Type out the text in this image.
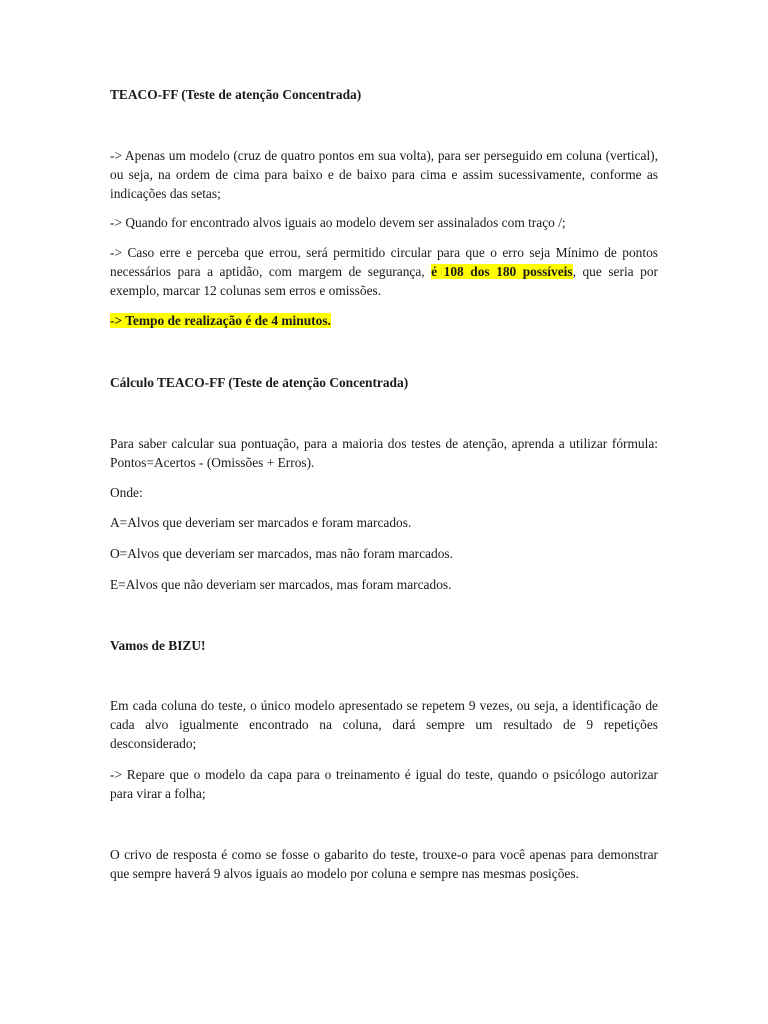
TEACO-FF (Teste de atenção Concentrada)

-> Apenas um modelo (cruz de quatro pontos em sua volta), para ser perseguido em coluna (vertical), ou seja, na ordem de cima para baixo e de baixo para cima e assim sucessivamente, conforme as indicações das setas;

-> Quando for encontrado alvos iguais ao modelo devem ser assinalados com traço /;

-> Caso erre e perceba que errou, será permitido circular para que o erro seja Mínimo de pontos necessários para a aptidão, com margem de segurança, é 108 dos 180 possíveis, que seria por exemplo, marcar 12 colunas sem erros e omissões.

-> Tempo de realização é de 4 minutos.

Cálculo TEACO-FF (Teste de atenção Concentrada)

Para saber calcular sua pontuação, para a maioria dos testes de atenção, aprenda a utilizar fórmula: Pontos=Acertos - (Omissões + Erros).

Onde:

A=Alvos que deveriam ser marcados e foram marcados.

O=Alvos que deveriam ser marcados, mas não foram marcados.

E=Alvos que não deveriam ser marcados, mas foram marcados.

Vamos de BIZU!

Em cada coluna do teste, o único modelo apresentado se repetem 9 vezes, ou seja, a identificação de cada alvo igualmente encontrado na coluna, dará sempre um resultado de 9 repetições desconsiderado;

-> Repare que o modelo da capa para o treinamento é igual do teste, quando o psicólogo autorizar para virar a folha;

O crivo de resposta é como se fosse o gabarito do teste, trouxe-o para você apenas para demonstrar que sempre haverá 9 alvos iguais ao modelo por coluna e sempre nas mesmas posições.
